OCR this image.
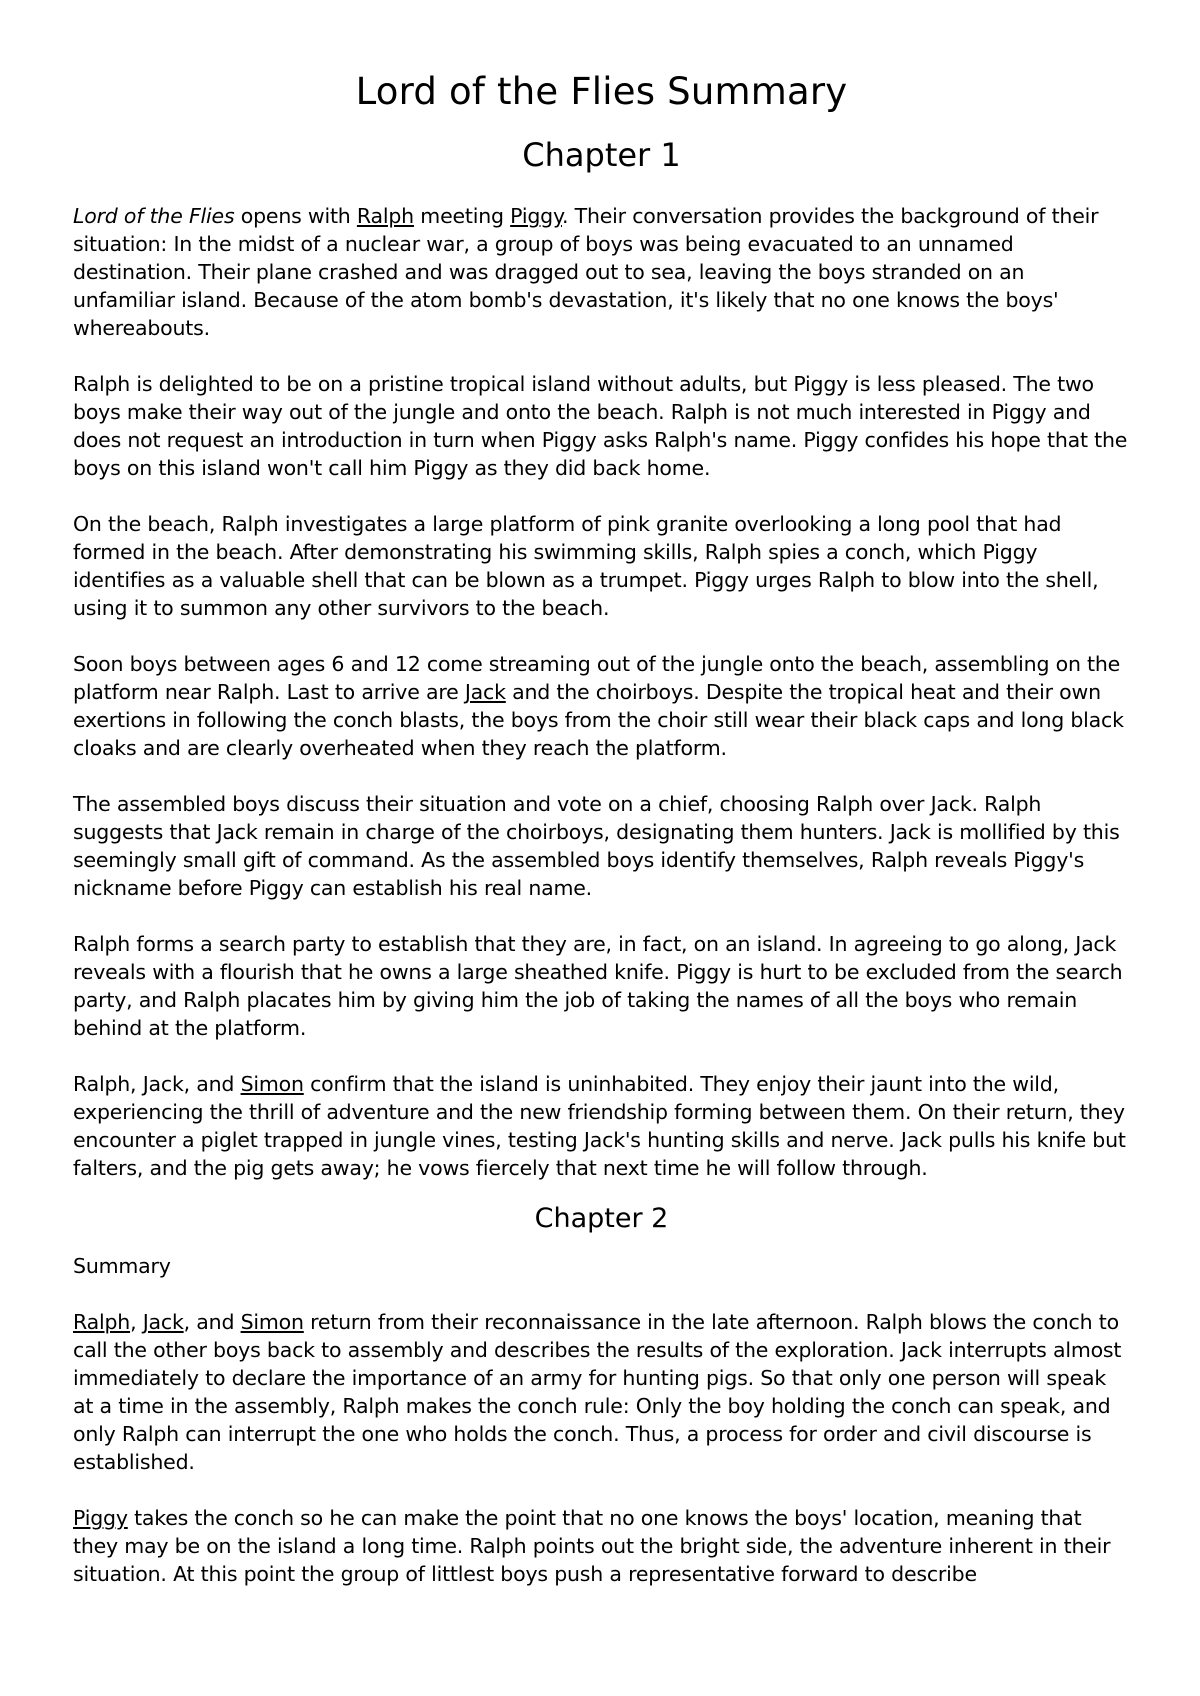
Lord of the Flies Summary
Chapter 1

Lord of the Flies opens with Ralph meeting Piggy. Their conversation provides the background of their situation: In the midst of a nuclear war, a group of boys was being evacuated to an unnamed destination. Their plane crashed and was dragged out to sea, leaving the boys stranded on an unfamiliar island. Because of the atom bomb's devastation, it's likely that no one knows the boys' whereabouts.

Ralph is delighted to be on a pristine tropical island without adults, but Piggy is less pleased. The two boys make their way out of the jungle and onto the beach. Ralph is not much interested in Piggy and does not request an introduction in turn when Piggy asks Ralph's name. Piggy confides his hope that the boys on this island won't call him Piggy as they did back home.

On the beach, Ralph investigates a large platform of pink granite overlooking a long pool that had formed in the beach. After demonstrating his swimming skills, Ralph spies a conch, which Piggy identifies as a valuable shell that can be blown as a trumpet. Piggy urges Ralph to blow into the shell, using it to summon any other survivors to the beach.

Soon boys between ages 6 and 12 come streaming out of the jungle onto the beach, assembling on the platform near Ralph. Last to arrive are Jack and the choirboys. Despite the tropical heat and their own exertions in following the conch blasts, the boys from the choir still wear their black caps and long black cloaks and are clearly overheated when they reach the platform.

The assembled boys discuss their situation and vote on a chief, choosing Ralph over Jack. Ralph suggests that Jack remain in charge of the choirboys, designating them hunters. Jack is mollified by this seemingly small gift of command. As the assembled boys identify themselves, Ralph reveals Piggy's nickname before Piggy can establish his real name.

Ralph forms a search party to establish that they are, in fact, on an island. In agreeing to go along, Jack reveals with a flourish that he owns a large sheathed knife. Piggy is hurt to be excluded from the search party, and Ralph placates him by giving him the job of taking the names of all the boys who remain behind at the platform.

Ralph, Jack, and Simon confirm that the island is uninhabited. They enjoy their jaunt into the wild, experiencing the thrill of adventure and the new friendship forming between them. On their return, they encounter a piglet trapped in jungle vines, testing Jack's hunting skills and nerve. Jack pulls his knife but falters, and the pig gets away; he vows fiercely that next time he will follow through.

Chapter 2

Summary

Ralph, Jack, and Simon return from their reconnaissance in the late afternoon. Ralph blows the conch to call the other boys back to assembly and describes the results of the exploration. Jack interrupts almost immediately to declare the importance of an army for hunting pigs. So that only one person will speak at a time in the assembly, Ralph makes the conch rule: Only the boy holding the conch can speak, and only Ralph can interrupt the one who holds the conch. Thus, a process for order and civil discourse is established.

Piggy takes the conch so he can make the point that no one knows the boys' location, meaning that they may be on the island a long time. Ralph points out the bright side, the adventure inherent in their situation. At this point the group of littlest boys push a representative forward to describe
